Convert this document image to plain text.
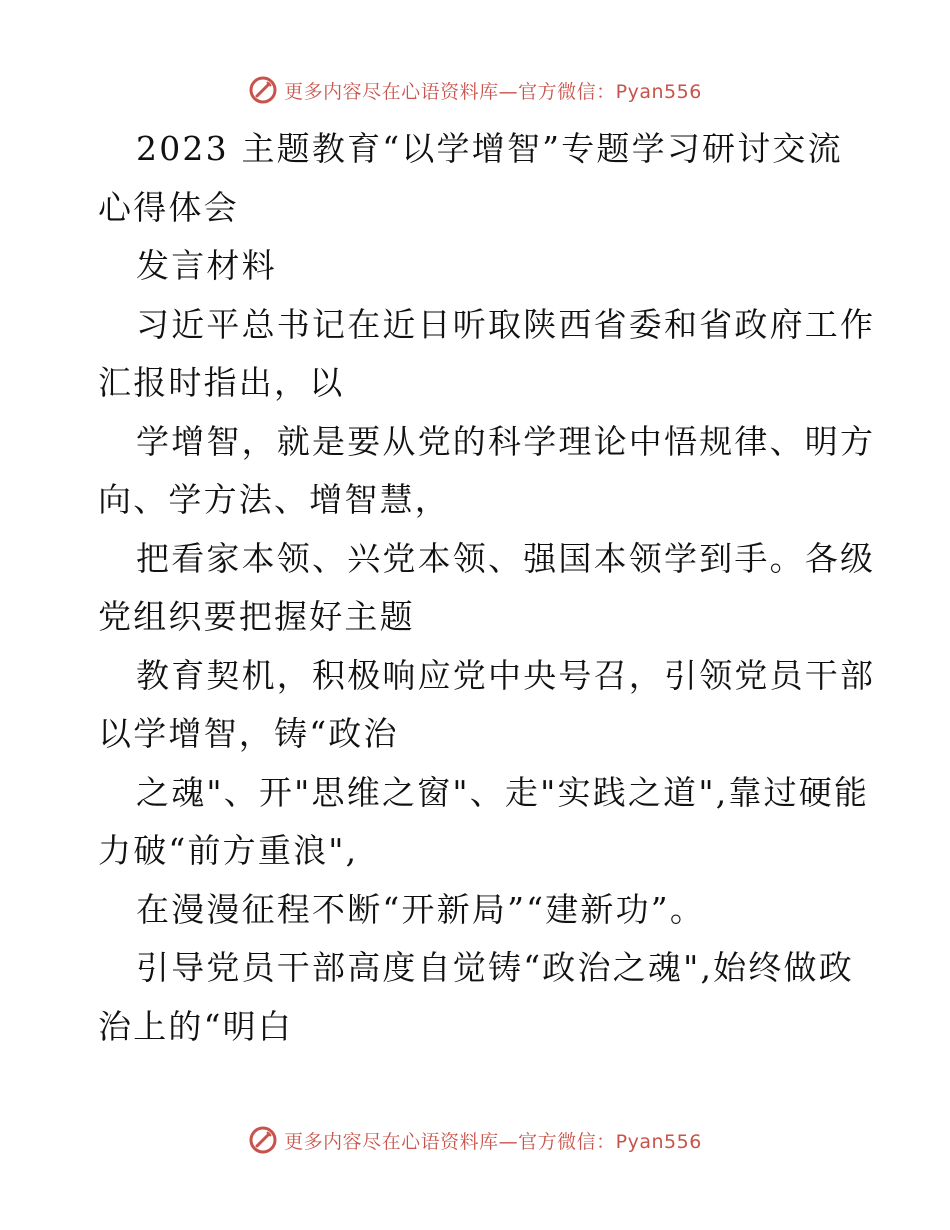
更多内容尽在心语资料库—官方微信：Pyan556
2023 主题教育“以学增智”专题学习研讨交流
心得体会
发言材料
习近平总书记在近日听取陕西省委和省政府工作
汇报时指出，以
学增智，就是要从党的科学理论中悟规律、明方
向、学方法、增智慧，
把看家本领、兴党本领、强国本领学到手。各级
党组织要把握好主题
教育契机，积极响应党中央号召，引领党员干部
以学增智，铸“政治
之魂"、开"思维之窗"、走"实践之道",靠过硬能
力破“前方重浪",
在漫漫征程不断“开新局”“建新功”。
引导党员干部高度自觉铸“政治之魂",始终做政
治上的“明白
更多内容尽在心语资料库—官方微信：Pyan556
